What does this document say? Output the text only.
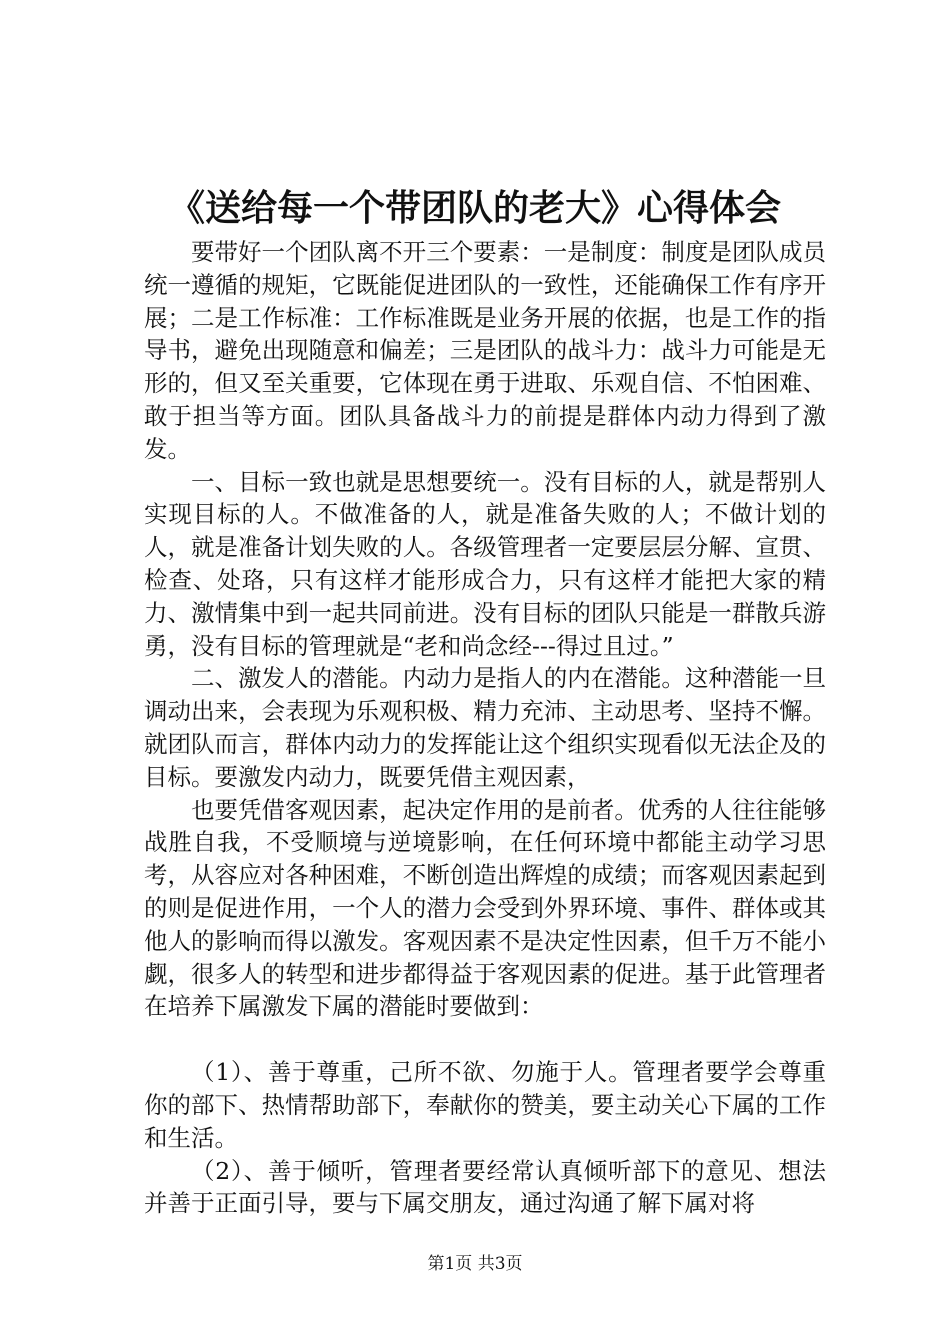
《送给每一个带团队的老大》心得体会

要带好一个团队离不开三个要素：一是制度：制度是团队成员统一遵循的规矩，它既能促进团队的一致性，还能确保工作有序开展；二是工作标准：工作标准既是业务开展的依据，也是工作的指导书，避免出现随意和偏差；三是团队的战斗力：战斗力可能是无形的，但又至关重要，它体现在勇于进取、乐观自信、不怕困难、敢于担当等方面。团队具备战斗力的前提是群体内动力得到了激发。

一、目标一致也就是思想要统一。没有目标的人，就是帮别人实现目标的人。不做准备的人，就是准备失败的人；不做计划的人，就是准备计划失败的人。各级管理者一定要层层分解、宣贯、检查、处珞，只有这样才能形成合力，只有这样才能把大家的精力、激情集中到一起共同前进。没有目标的团队只能是一群散兵游勇，没有目标的管理就是“老和尚念经---得过且过。”

二、激发人的潜能。内动力是指人的内在潜能。这种潜能一旦调动出来，会表现为乐观积极、精力充沛、主动思考、坚持不懈。就团队而言，群体内动力的发挥能让这个组织实现看似无法企及的目标。要激发内动力，既要凭借主观因素，

也要凭借客观因素，起决定作用的是前者。优秀的人往往能够战胜自我，不受顺境与逆境影响，在任何环境中都能主动学习思考，从容应对各种困难，不断创造出辉煌的成绩；而客观因素起到的则是促进作用，一个人的潜力会受到外界环境、事件、群体或其他人的影响而得以激发。客观因素不是决定性因素，但千万不能小觑，很多人的转型和进步都得益于客观因素的促进。基于此管理者在培养下属激发下属的潜能时要做到：

（1）、善于尊重，己所不欲、勿施于人。管理者要学会尊重你的部下、热情帮助部下，奉献你的赞美，要主动关心下属的工作和生活。

（2）、善于倾听，管理者要经常认真倾听部下的意见、想法并善于正面引导，要与下属交朋友，通过沟通了解下属对将

第1页 共3页
